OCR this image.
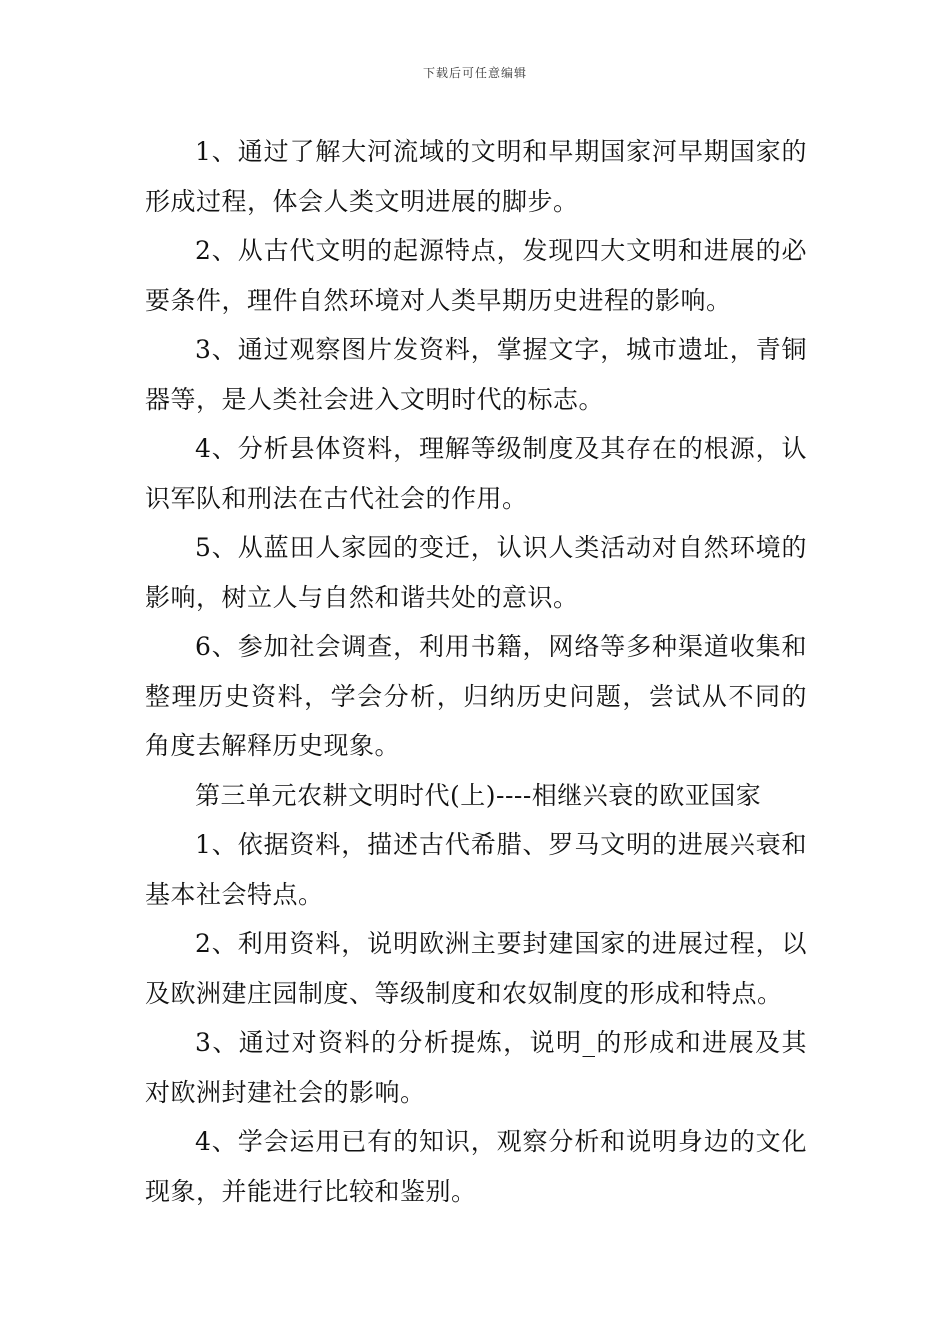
下载后可任意编辑

1、通过了解大河流域的文明和早期国家河早期国家的形成过程，体会人类文明进展的脚步。

2、从古代文明的起源特点，发现四大文明和进展的必要条件，理件自然环境对人类早期历史进程的影响。

3、通过观察图片发资料，掌握文字，城市遗址，青铜器等，是人类社会进入文明时代的标志。

4、分析县体资料，理解等级制度及其存在的根源，认识军队和刑法在古代社会的作用。

5、从蓝田人家园的变迁，认识人类活动对自然环境的影响，树立人与自然和谐共处的意识。

6、参加社会调查，利用书籍，网络等多种渠道收集和整理历史资料，学会分析，归纳历史问题，尝试从不同的角度去解释历史现象。

第三单元农耕文明时代(上)----相继兴衰的欧亚国家

1、依据资料，描述古代希腊、罗马文明的进展兴衰和基本社会特点。

2、利用资料，说明欧洲主要封建国家的进展过程，以及欧洲建庄园制度、等级制度和农奴制度的形成和特点。

3、通过对资料的分析提炼，说明_的形成和进展及其对欧洲封建社会的影响。

4、学会运用已有的知识，观察分析和说明身边的文化现象，并能进行比较和鉴别。
